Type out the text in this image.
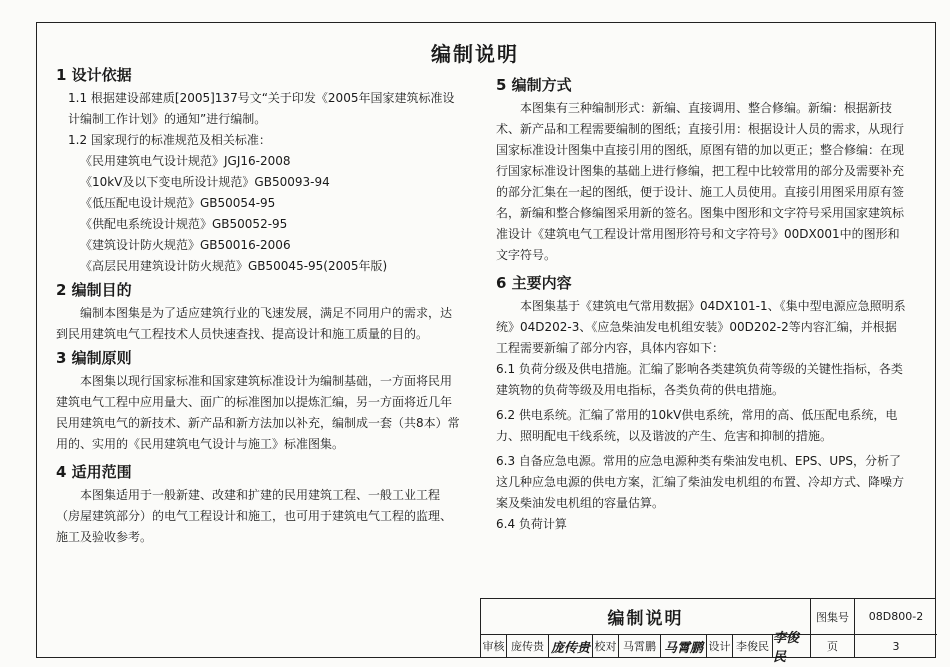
编制说明
1 设计依据

1.1 根据建设部建质[2005]137号文“关于印发《2005年国家建筑标准设计编制工作计划》的通知”进行编制。

1.2 国家现行的标准规范及相关标准：

《民用建筑电气设计规范》JGJ16-2008

《10kV及以下变电所设计规范》GB50093-94

《低压配电设计规范》GB50054-95

《供配电系统设计规范》GB50052-95

《建筑设计防火规范》GB50016-2006

《高层民用建筑设计防火规范》GB50045-95(2005年版)

2 编制目的

编制本图集是为了适应建筑行业的飞速发展，满足不同用户的需求，达到民用建筑电气工程技术人员快速查找、提高设计和施工质量的目的。

3 编制原则

本图集以现行国家标准和国家建筑标准设计为编制基础，一方面将民用建筑电气工程中应用量大、面广的标准图加以提炼汇编，另一方面将近几年民用建筑电气的新技术、新产品和新方法加以补充，编制成一套（共8本）常用的、实用的《民用建筑电气设计与施工》标准图集。

4 适用范围

本图集适用于一般新建、改建和扩建的民用建筑工程、一般工业工程（房屋建筑部分）的电气工程设计和施工，也可用于建筑电气工程的监理、施工及验收参考。

5 编制方式

本图集有三种编制形式：新编、直接调用、整合修编。新编：根据新技术、新产品和工程需要编制的图纸；直接引用：根据设计人员的需求，从现行国家标准设计图集中直接引用的图纸，原图有错的加以更正；整合修编：在现行国家标准设计图集的基础上进行修编，把工程中比较常用的部分及需要补充的部分汇集在一起的图纸，便于设计、施工人员使用。直接引用图采用原有签名，新编和整合修编图采用新的签名。图集中图形和文字符号采用国家建筑标准设计《建筑电气工程设计常用图形符号和文字符号》00DX001中的图形和文字符号。

6 主要内容

本图集基于《建筑电气常用数据》04DX101-1、《集中型电源应急照明系统》04D202-3、《应急柴油发电机组安装》00D202-2等内容汇编，并根据工程需要新编了部分内容，具体内容如下：

6.1 负荷分级及供电措施。汇编了影响各类建筑负荷等级的关键性指标，各类建筑物的负荷等级及用电指标，各类负荷的供电措施。

6.2 供电系统。汇编了常用的10kV供电系统，常用的高、低压配电系统，电力、照明配电干线系统，以及谐波的产生、危害和抑制的措施。

6.3 自备应急电源。常用的应急电源种类有柴油发电机、EPS、UPS，分析了这几种应急电源的供电方案，汇编了柴油发电机组的布置、冷却方式、降噪方案及柴油发电机组的容量估算。

6.4 负荷计算

编制说明	图集号	08D800-2
审核 庞传贵 庞传贵 校对 马霄鹏 马霄鹏 设计 李俊民
李俊民
页	3
